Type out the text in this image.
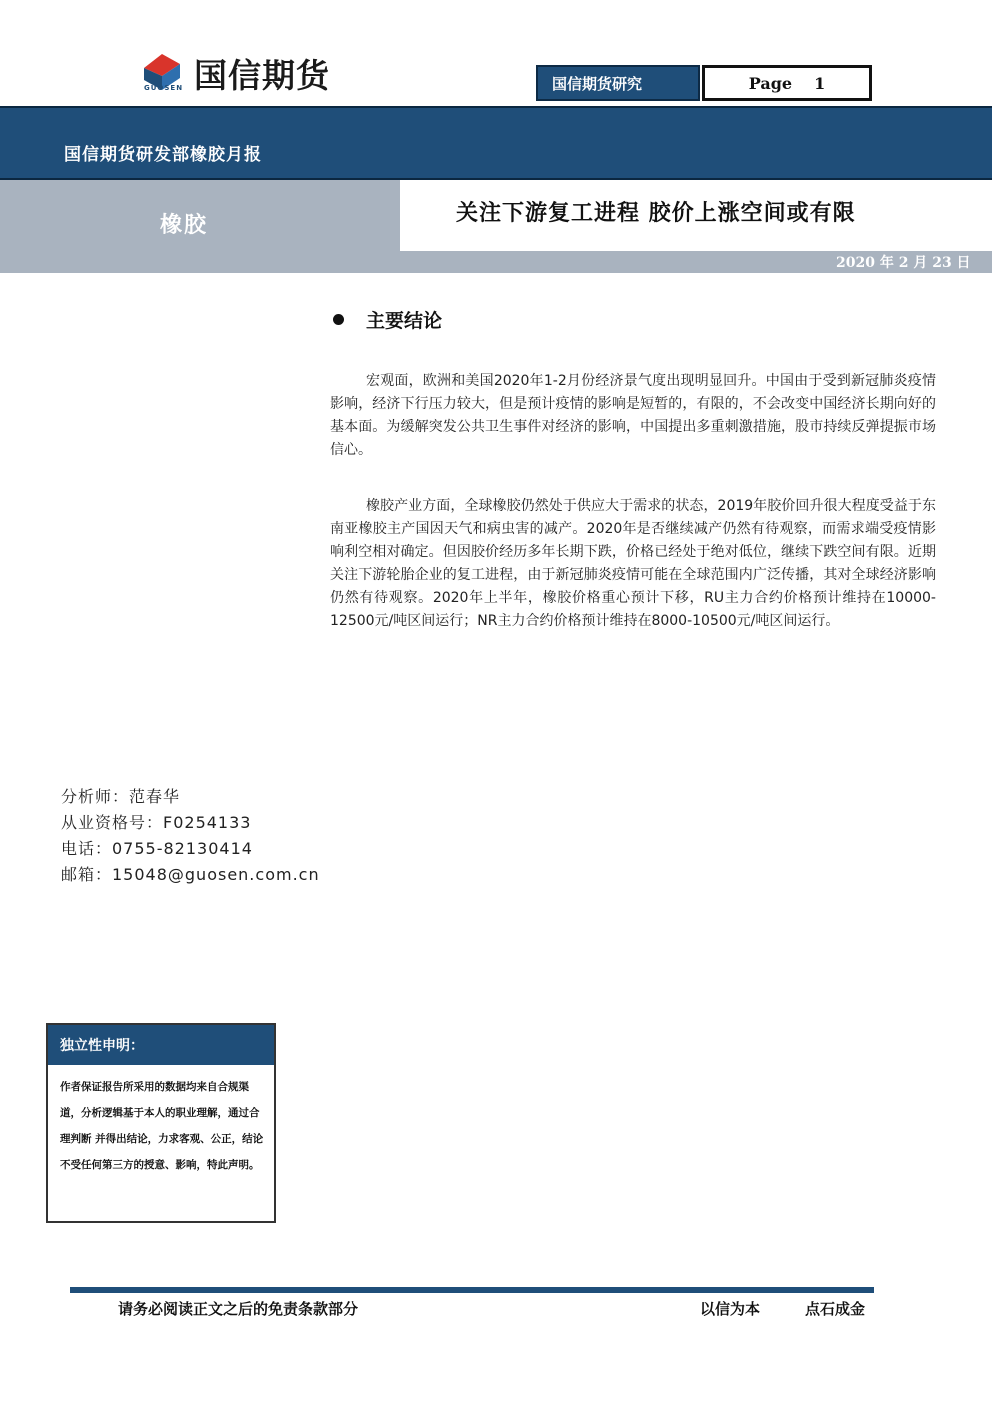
国信期货
GUOSEN	国信期货研究	Page 1
国信期货研发部橡胶月报
橡胶	关注下游复工进程 胶价上涨空间或有限
2020 年 2 月 23 日
主要结论
宏观面，欧洲和美国2020年1-2月份经济景气度出现明显回升。中国由于受到新冠肺炎疫情影响，经济下行压力较大，但是预计疫情的影响是短暂的，有限的，不会改变中国经济长期向好的基本面。为缓解突发公共卫生事件对经济的影响，中国提出多重刺激措施，股市持续反弹提振市场信心。
橡胶产业方面，全球橡胶仍然处于供应大于需求的状态，2019年胶价回升很大程度受益于东南亚橡胶主产国因天气和病虫害的减产。2020年是否继续减产仍然有待观察，而需求端受疫情影响利空相对确定。但因胶价经历多年长期下跌，价格已经处于绝对低位，继续下跌空间有限。近期关注下游轮胎企业的复工进程，由于新冠肺炎疫情可能在全球范围内广泛传播，其对全球经济影响仍然有待观察。2020年上半年，橡胶价格重心预计下移，RU主力合约价格预计维持在10000-12500元/吨区间运行；NR主力合约价格预计维持在8000-10500元/吨区间运行。
分析师：范春华
从业资格号：F0254133
电话：0755-82130414
邮箱：15048@guosen.com.cn
独立性申明：
作者保证报告所采用的数据均来自合规渠道，分析逻辑基于本人的职业理解，通过合理判断 并得出结论，力求客观、公正，结论不受任何第三方的授意、影响，特此声明。
请务必阅读正文之后的免责条款部分	以信为本	点石成金
